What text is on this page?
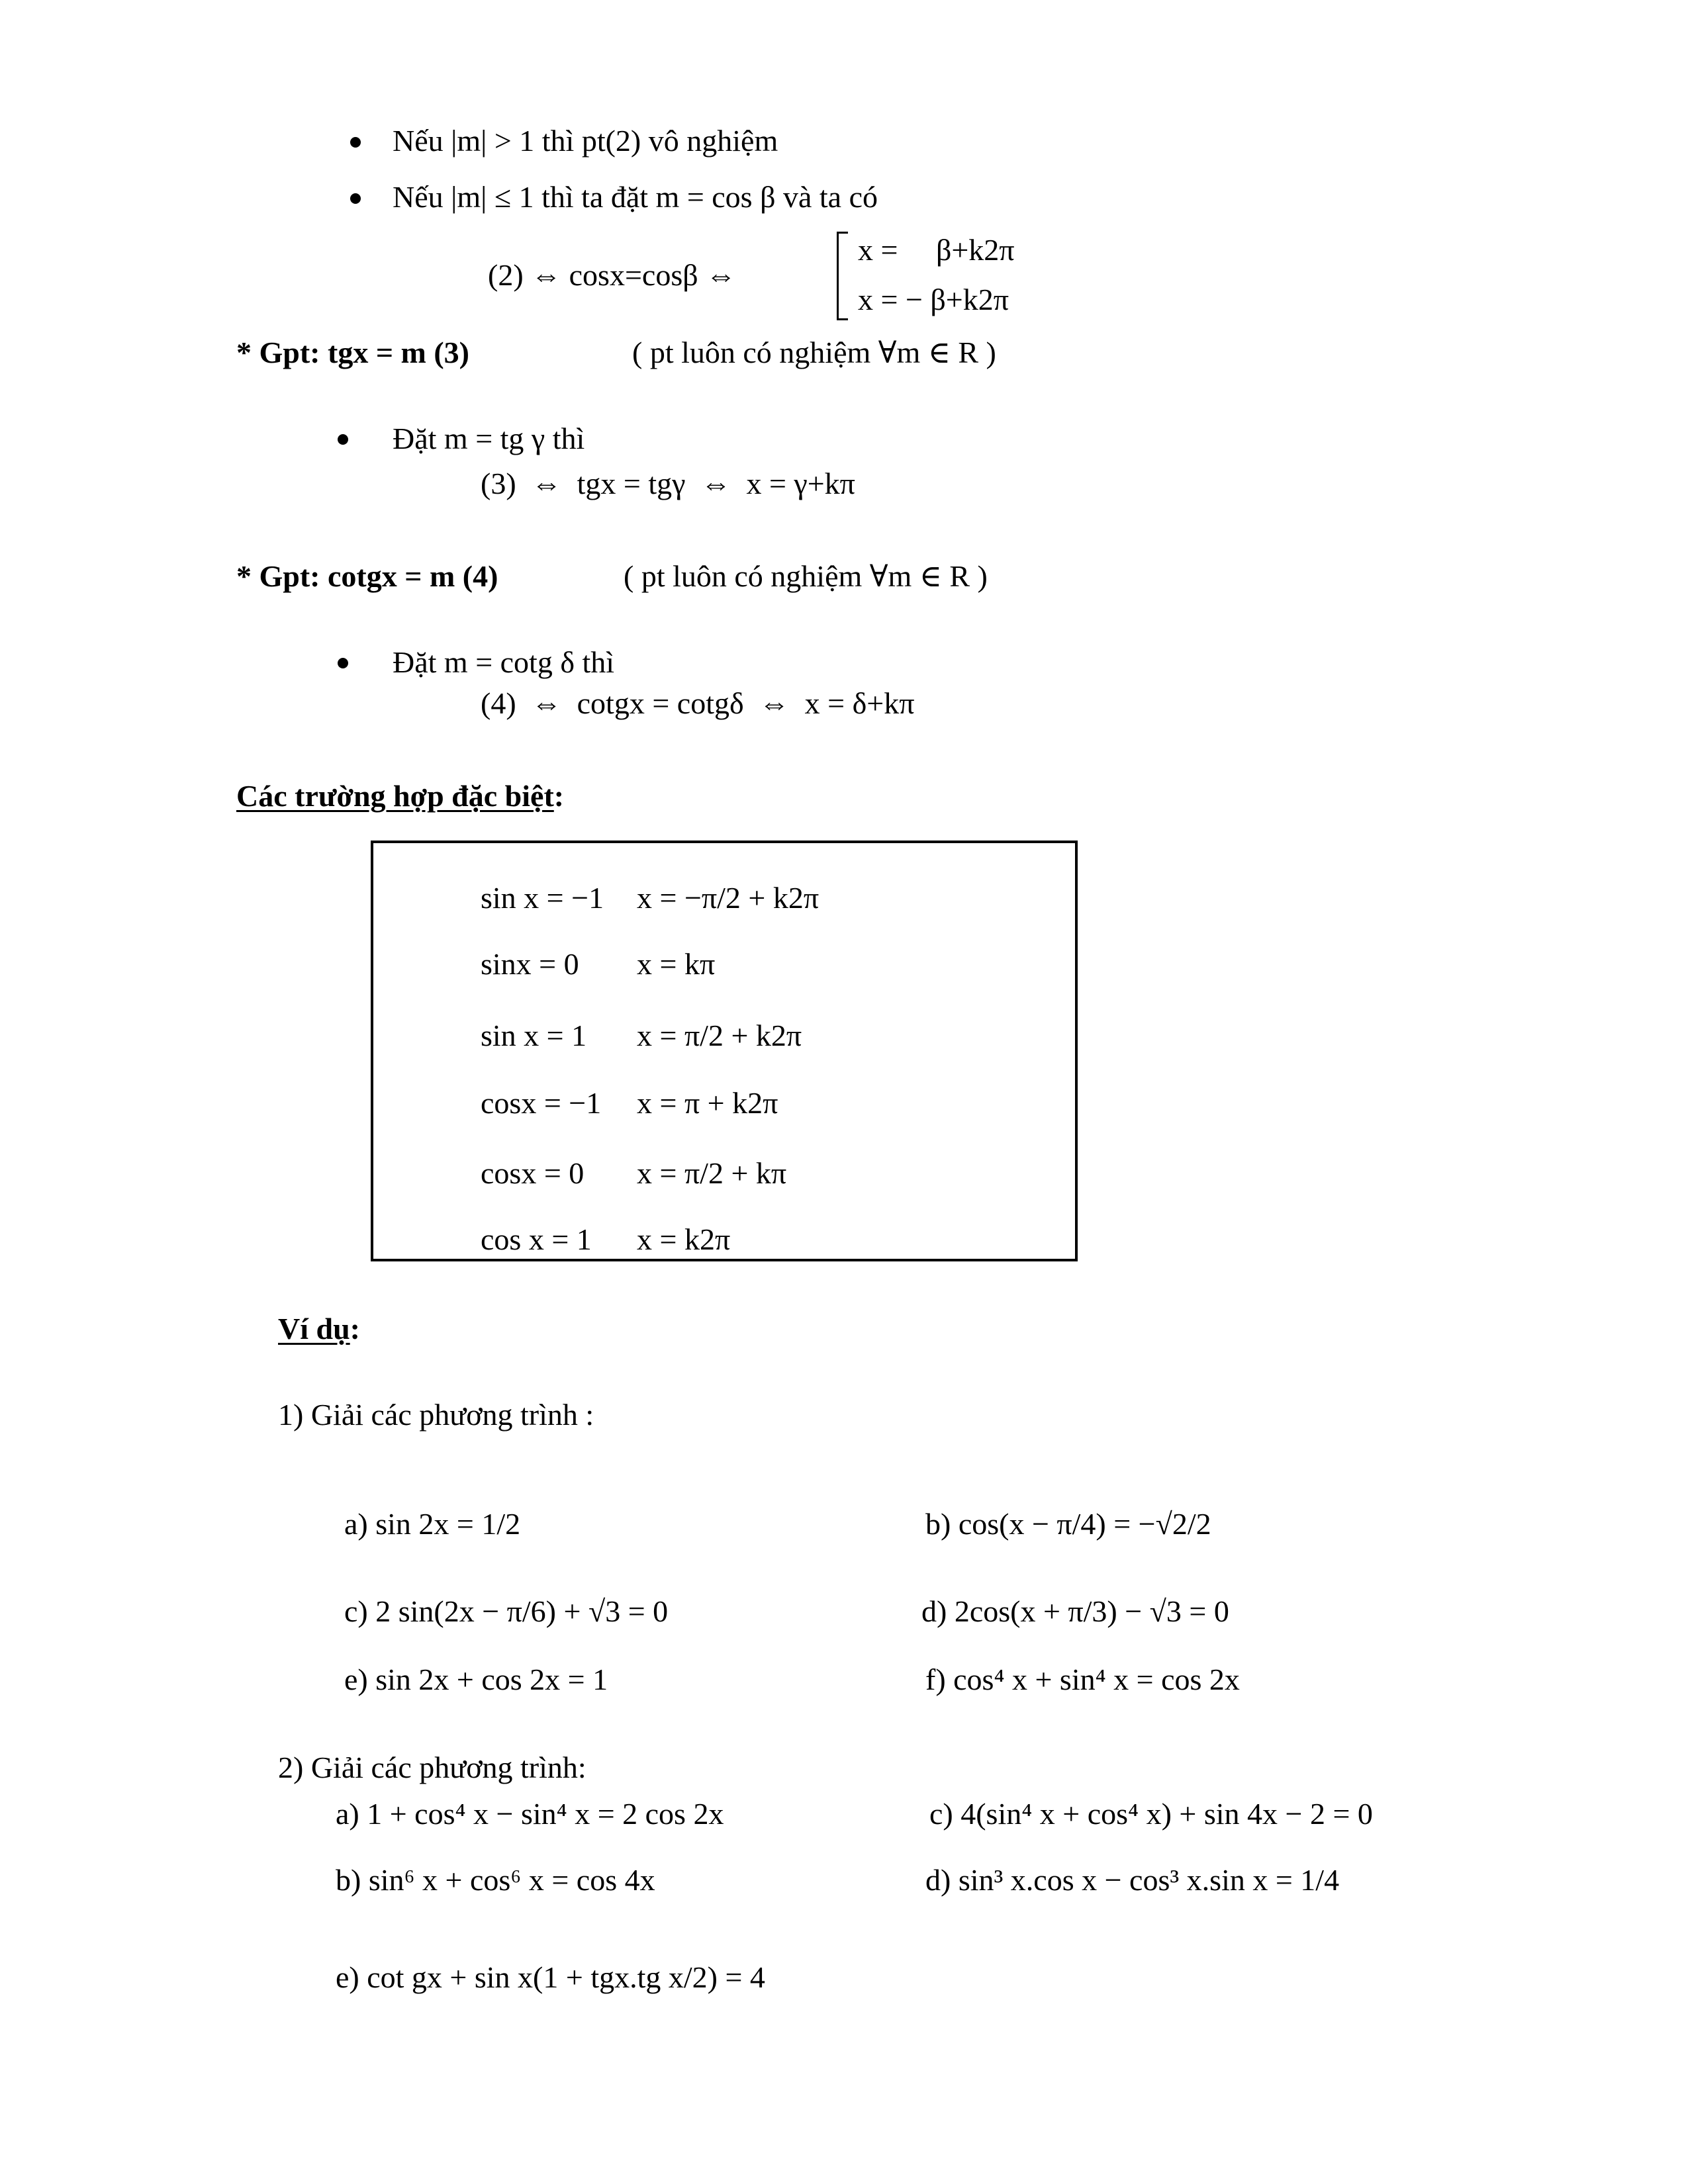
Nếu |m| > 1 thì pt(2) vô nghiệm
Nếu |m| ≤ 1 thì ta đặt m = cos β và ta có
(2) ⇔ cosx=cosβ ⇔
x =     β+k2π
x = − β+k2π
* Gpt: tgx = m (3)	( pt luôn có nghiệm ∀m ∈ R )
Đặt m = tg γ thì
(3)  ⇔  tgx = tgγ  ⇔  x = γ+kπ
* Gpt: cotgx = m (4)	( pt luôn có nghiệm ∀m ∈ R )
Đặt m = cotg δ thì
(4)  ⇔  cotgx = cotgδ  ⇔  x = δ+kπ
Các trường hợp đặc biệt:
sin x = −1 x = −π/2 + k2π
sinx = 0 x = kπ
sin x = 1 x = π/2 + k2π
cosx = −1 x = π + k2π
cosx = 0 x = π/2 + kπ
cos x = 1 x = k2π
Ví dụ:
1) Giải các phương trình :
a) sin 2x = 1/2	b) cos(x − π/4) = −√2/2
c) 2 sin(2x − π/6) + √3 = 0	d) 2cos(x + π/3) − √3 = 0
e) sin 2x + cos 2x = 1	f) cos⁴ x + sin⁴ x = cos 2x
2) Giải các phương trình:
a) 1 + cos⁴ x − sin⁴ x = 2 cos 2x	c) 4(sin⁴ x + cos⁴ x) + sin 4x − 2 = 0
b) sin⁶ x + cos⁶ x = cos 4x	d) sin³ x.cos x − cos³ x.sin x = 1/4
e) cot gx + sin x(1 + tgx.tg x/2) = 4
